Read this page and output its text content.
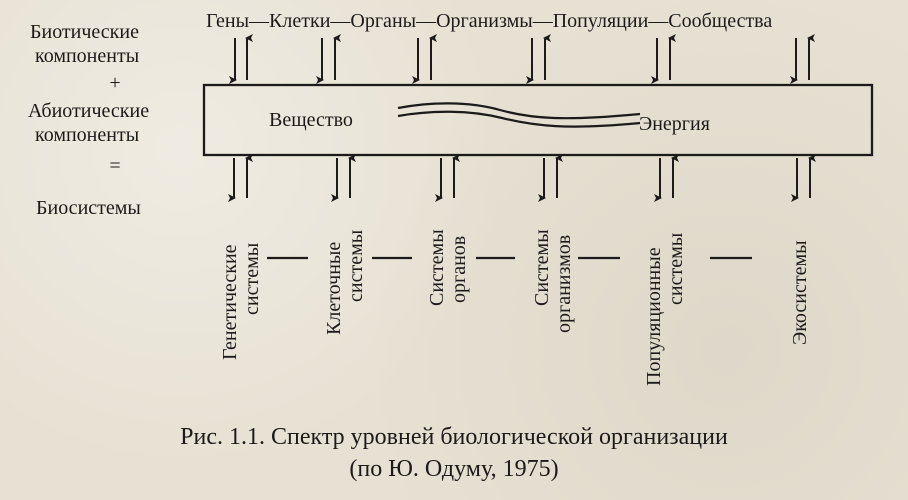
Биотические
компоненты
+
Абиотические
компоненты
=
Биосистемы
Гены—Клетки—Органы—Организмы—Популяции—Сообщества
Вещество	Энергия
Генетические системы	Клеточные системы	Системы органов	Системы организмов	Популяционные системы	Экосистемы
Рис. 1.1. Спектр уровней биологической организации
(по Ю. Одуму, 1975)
